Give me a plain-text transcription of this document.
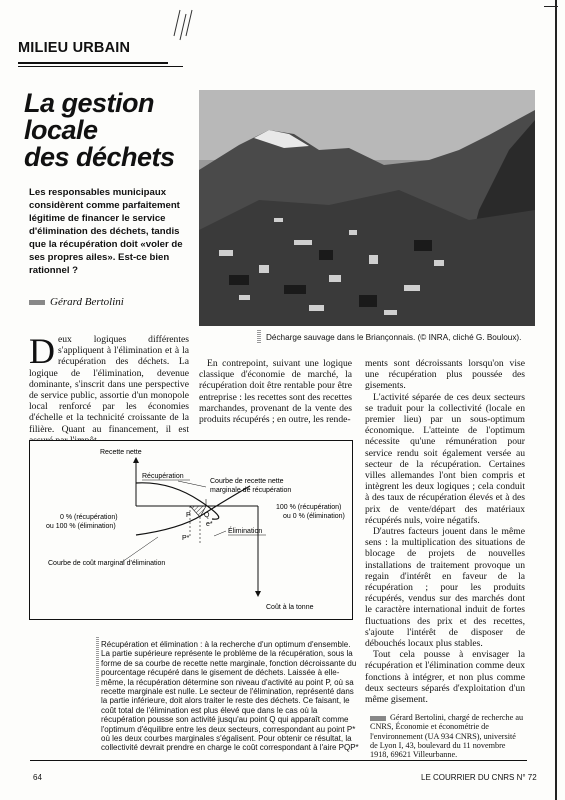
MILIEU URBAIN
La gestion
locale
des déchets
Les responsables municipaux considèrent comme parfaitement légitime de financer le service d'élimination des déchets, tandis que la récupération doit «voler de ses propres ailes». Est-ce bien rationnel ?
Gérard Bertolini
Décharge sauvage dans le Briançonnais. (© INRA, cliché G. Bouloux).
Deux logiques différentes s'appliquent à l'élimination et à la récupération des déchets. La logique de l'élimination, devenue dominante, s'inscrit dans une perspective de service public, assortie d'un monopole local renforcé par les économies d'échelle et la technicité croissante de la filière. Quant au financement, il est

En contrepoint, suivant une logique classique d'économie de marché, la récupération doit être rentable pour être entreprise : les recettes sont des recettes marchandes, provenant de la vente des produits récupérés ; en outre, les rende-

ments sont décroissants lorsqu'on vise une récupération plus poussée des gisements.

L'activité séparée de ces deux secteurs se traduit pour la collectivité (locale en premier lieu) par un sous-optimum économique. L'atteinte de l'optimum nécessite qu'une rémunération pour service rendu soit également versée au secteur de la récupération. Certaines villes allemandes l'ont bien compris et intègrent les deux logiques ; cela conduit à des taux de récupération élevés et à des prix de vente/départ des matériaux récupérés nuls, voire négatifs.

D'autres facteurs jouent dans le même sens : la multiplication des situations de blocage de projets de nouvelles installations de traitement provoque un regain d'intérêt en faveur de la récupération ; pour les produits récupérés, vendus sur des marchés dont le caractère international induit de fortes fluctuations des prix et des recettes, s'ajoute l'intérêt de disposer de débouchés locaux plus stables.

Tout cela pousse à envisager la récupération et l'élimination comme deux fonctions à intégrer, et non plus comme deux secteurs séparés d'exploitation d'un même gisement.

Recette nette
Récupération
Courbe de recette nette
marginale de récupération
0 % (récupération)
ou 100 % (élimination)
100 % (récupération)
ou 0 % (élimination)
P Q
e*
P*
Élimination
Courbe de coût marginal d'élimination
Coût à la tonne
Récupération et élimination : à la recherche d'un optimum d'ensemble.
La partie supérieure représente le problème de la récupération, sous la forme de sa courbe de recette nette marginale, fonction décroissante du pourcentage récupéré dans le gisement de déchets. Laissée à elle-même, la récupération détermine son niveau d'activité au point P, où sa recette marginale est nulle. Le secteur de l'élimination, représenté dans la partie inférieure, doit alors traiter le reste des déchets. Ce faisant, le coût total de l'élimination est plus élevé que dans le cas où la récupération pousse son activité jusqu'au point Q qui apparaît comme l'optimum d'équilibre entre les deux secteurs, correspondant au point P* où les deux courbes marginales s'égalisent. Pour obtenir ce résultat, la collectivité devrait prendre en charge le coût correspondant à l'aire PQP*
Gérard Bertolini, chargé de recherche au CNRS, Économie et économétrie de l'environnement (UA 934 CNRS), université de Lyon I, 43, boulevard du 11 novembre 1918, 69621 Villeurbanne.
64	LE COURRIER DU CNRS N° 72
